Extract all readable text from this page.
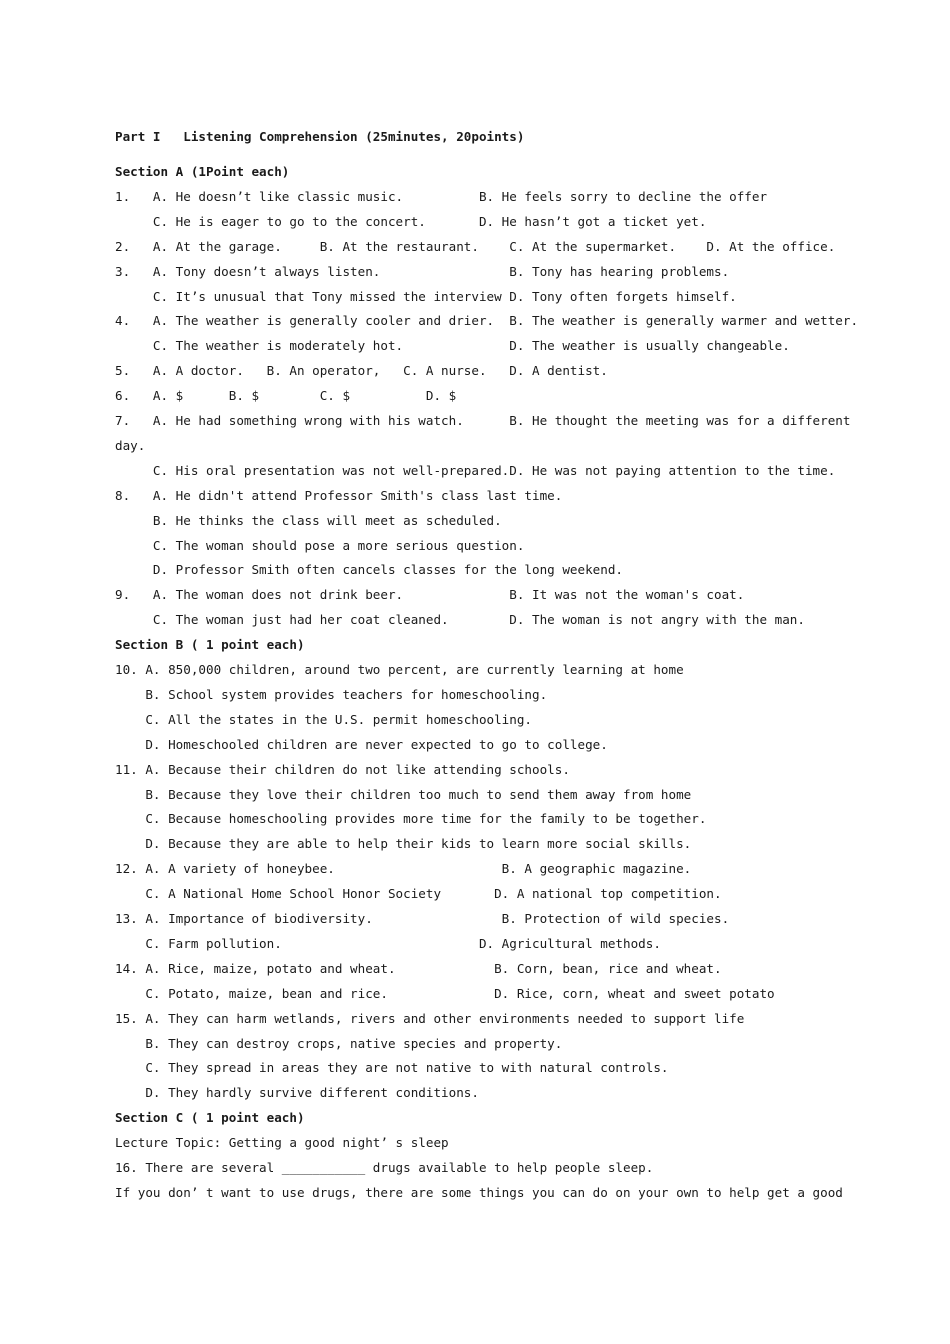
Part I   Listening Comprehension (25minutes, 20points)
Section A (1Point each)
1.   A. He doesn’t like classic music.          B. He feels sorry to decline the offer
C. He is eager to go to the concert.       D. He hasn’t got a ticket yet.
2.   A. At the garage.     B. At the restaurant.    C. At the supermarket.    D. At the office.
3.   A. Tony doesn’t always listen.                 B. Tony has hearing problems.
C. It’s unusual that Tony missed the interview D. Tony often forgets himself.
4.   A. The weather is generally cooler and drier.  B. The weather is generally warmer and wetter.
C. The weather is moderately hot.              D. The weather is usually changeable.
5.   A. A doctor.   B. An operator,   C. A nurse.   D. A dentist.
6.   A. $      B. $        C. $          D. $
7.   A. He had something wrong with his watch.      B. He thought the meeting was for a different
day.
C. His oral presentation was not well-prepared.D. He was not paying attention to the time.
8.   A. He didn't attend Professor Smith's class last time.
B. He thinks the class will meet as scheduled.
C. The woman should pose a more serious question.
D. Professor Smith often cancels classes for the long weekend.
9.   A. The woman does not drink beer.              B. It was not the woman's coat.
C. The woman just had her coat cleaned.        D. The woman is not angry with the man.
Section B ( 1 point each)
10. A. 850,000 children, around two percent, are currently learning at home
B. School system provides teachers for homeschooling.
C. All the states in the U.S. permit homeschooling.
D. Homeschooled children are never expected to go to college.
11. A. Because their children do not like attending schools.
B. Because they love their children too much to send them away from home
C. Because homeschooling provides more time for the family to be together.
D. Because they are able to help their kids to learn more social skills.
12. A. A variety of honeybee.                      B. A geographic magazine.
C. A National Home School Honor Society       D. A national top competition.
13. A. Importance of biodiversity.                 B. Protection of wild species.
C. Farm pollution.                          D. Agricultural methods.
14. A. Rice, maize, potato and wheat.             B. Corn, bean, rice and wheat.
C. Potato, maize, bean and rice.              D. Rice, corn, wheat and sweet potato
15. A. They can harm wetlands, rivers and other environments needed to support life
B. They can destroy crops, native species and property.
C. They spread in areas they are not native to with natural controls.
D. They hardly survive different conditions.
Section C ( 1 point each)
Lecture Topic: Getting a good night’ s sleep
16. There are several ___________ drugs available to help people sleep.
If you don’ t want to use drugs, there are some things you can do on your own to help get a good
